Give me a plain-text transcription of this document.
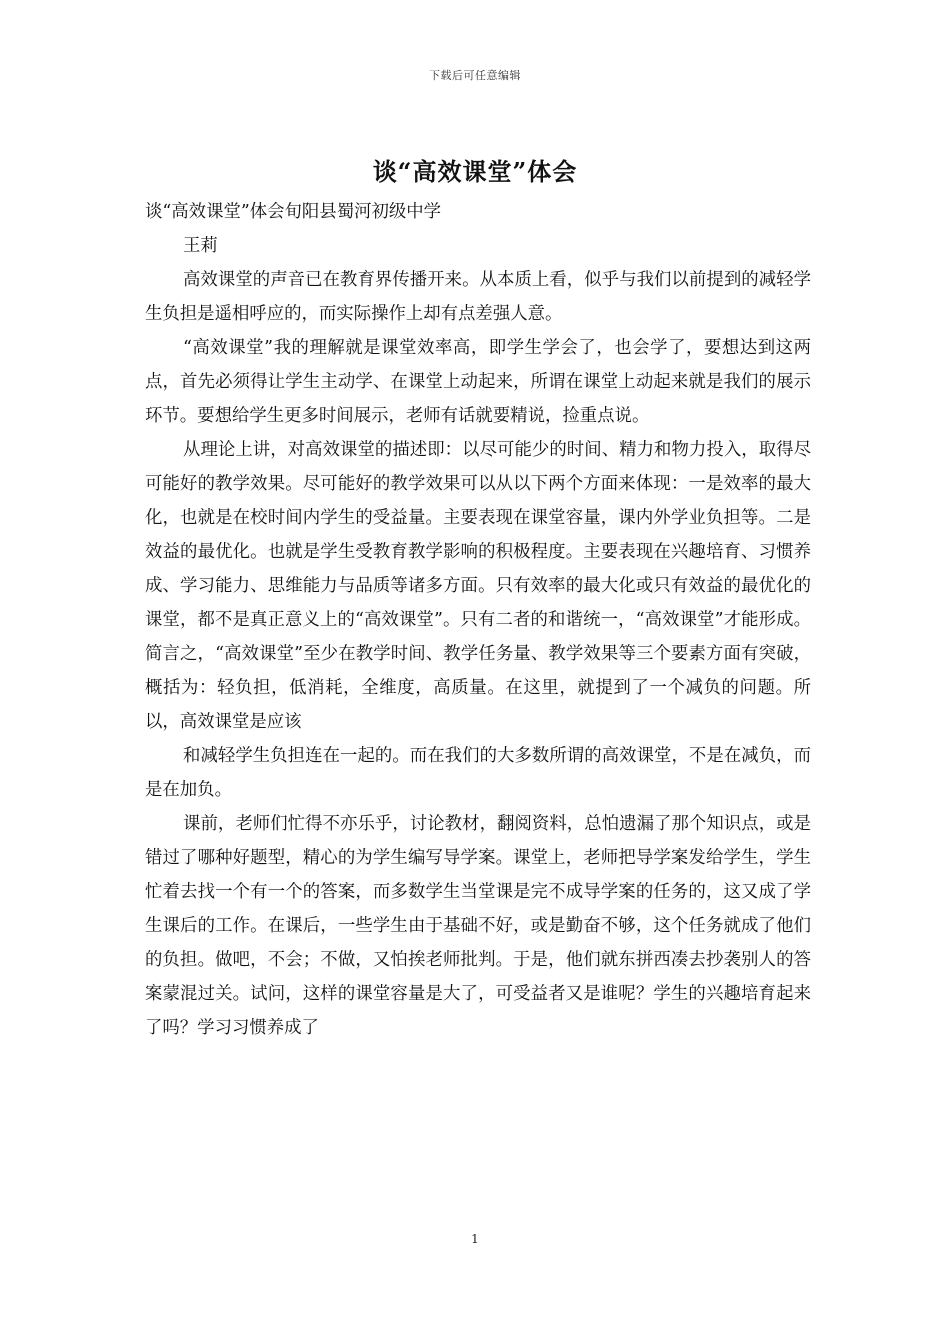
下载后可任意编辑
谈“高效课堂”体会

谈“高效课堂”体会旬阳县蜀河初级中学

王莉

高效课堂的声音已在教育界传播开来。从本质上看，似乎与我们以前提到的减轻学生负担是遥相呼应的，而实际操作上却有点差强人意。

“高效课堂”我的理解就是课堂效率高，即学生学会了，也会学了，要想达到这两点，首先必须得让学生主动学、在课堂上动起来，所谓在课堂上动起来就是我们的展示环节。要想给学生更多时间展示，老师有话就要精说，捡重点说。

从理论上讲，对高效课堂的描述即：以尽可能少的时间、精力和物力投入，取得尽可能好的教学效果。尽可能好的教学效果可以从以下两个方面来体现：一是效率的最大化，也就是在校时间内学生的受益量。主要表现在课堂容量，课内外学业负担等。二是效益的最优化。也就是学生受教育教学影响的积极程度。主要表现在兴趣培育、习惯养成、学习能力、思维能力与品质等诸多方面。只有效率的最大化或只有效益的最优化的课堂，都不是真正意义上的“高效课堂”。只有二者的和谐统一，“高效课堂”才能形成。简言之，“高效课堂”至少在教学时间、教学任务量、教学效果等三个要素方面有突破，概括为：轻负担，低消耗，全维度，高质量。在这里，就提到了一个减负的问题。所以，高效课堂是应该

和减轻学生负担连在一起的。而在我们的大多数所谓的高效课堂，不是在减负，而是在加负。

课前，老师们忙得不亦乐乎，讨论教材，翻阅资料，总怕遗漏了那个知识点，或是错过了哪种好题型，精心的为学生编写导学案。课堂上，老师把导学案发给学生，学生忙着去找一个有一个的答案，而多数学生当堂课是完不成导学案的任务的，这又成了学生课后的工作。在课后，一些学生由于基础不好，或是勤奋不够，这个任务就成了他们的负担。做吧，不会；不做，又怕挨老师批判。于是，他们就东拼西凑去抄袭别人的答案蒙混过关。试问，这样的课堂容量是大了，可受益者又是谁呢？学生的兴趣培育起来了吗？学习习惯养成了

1
